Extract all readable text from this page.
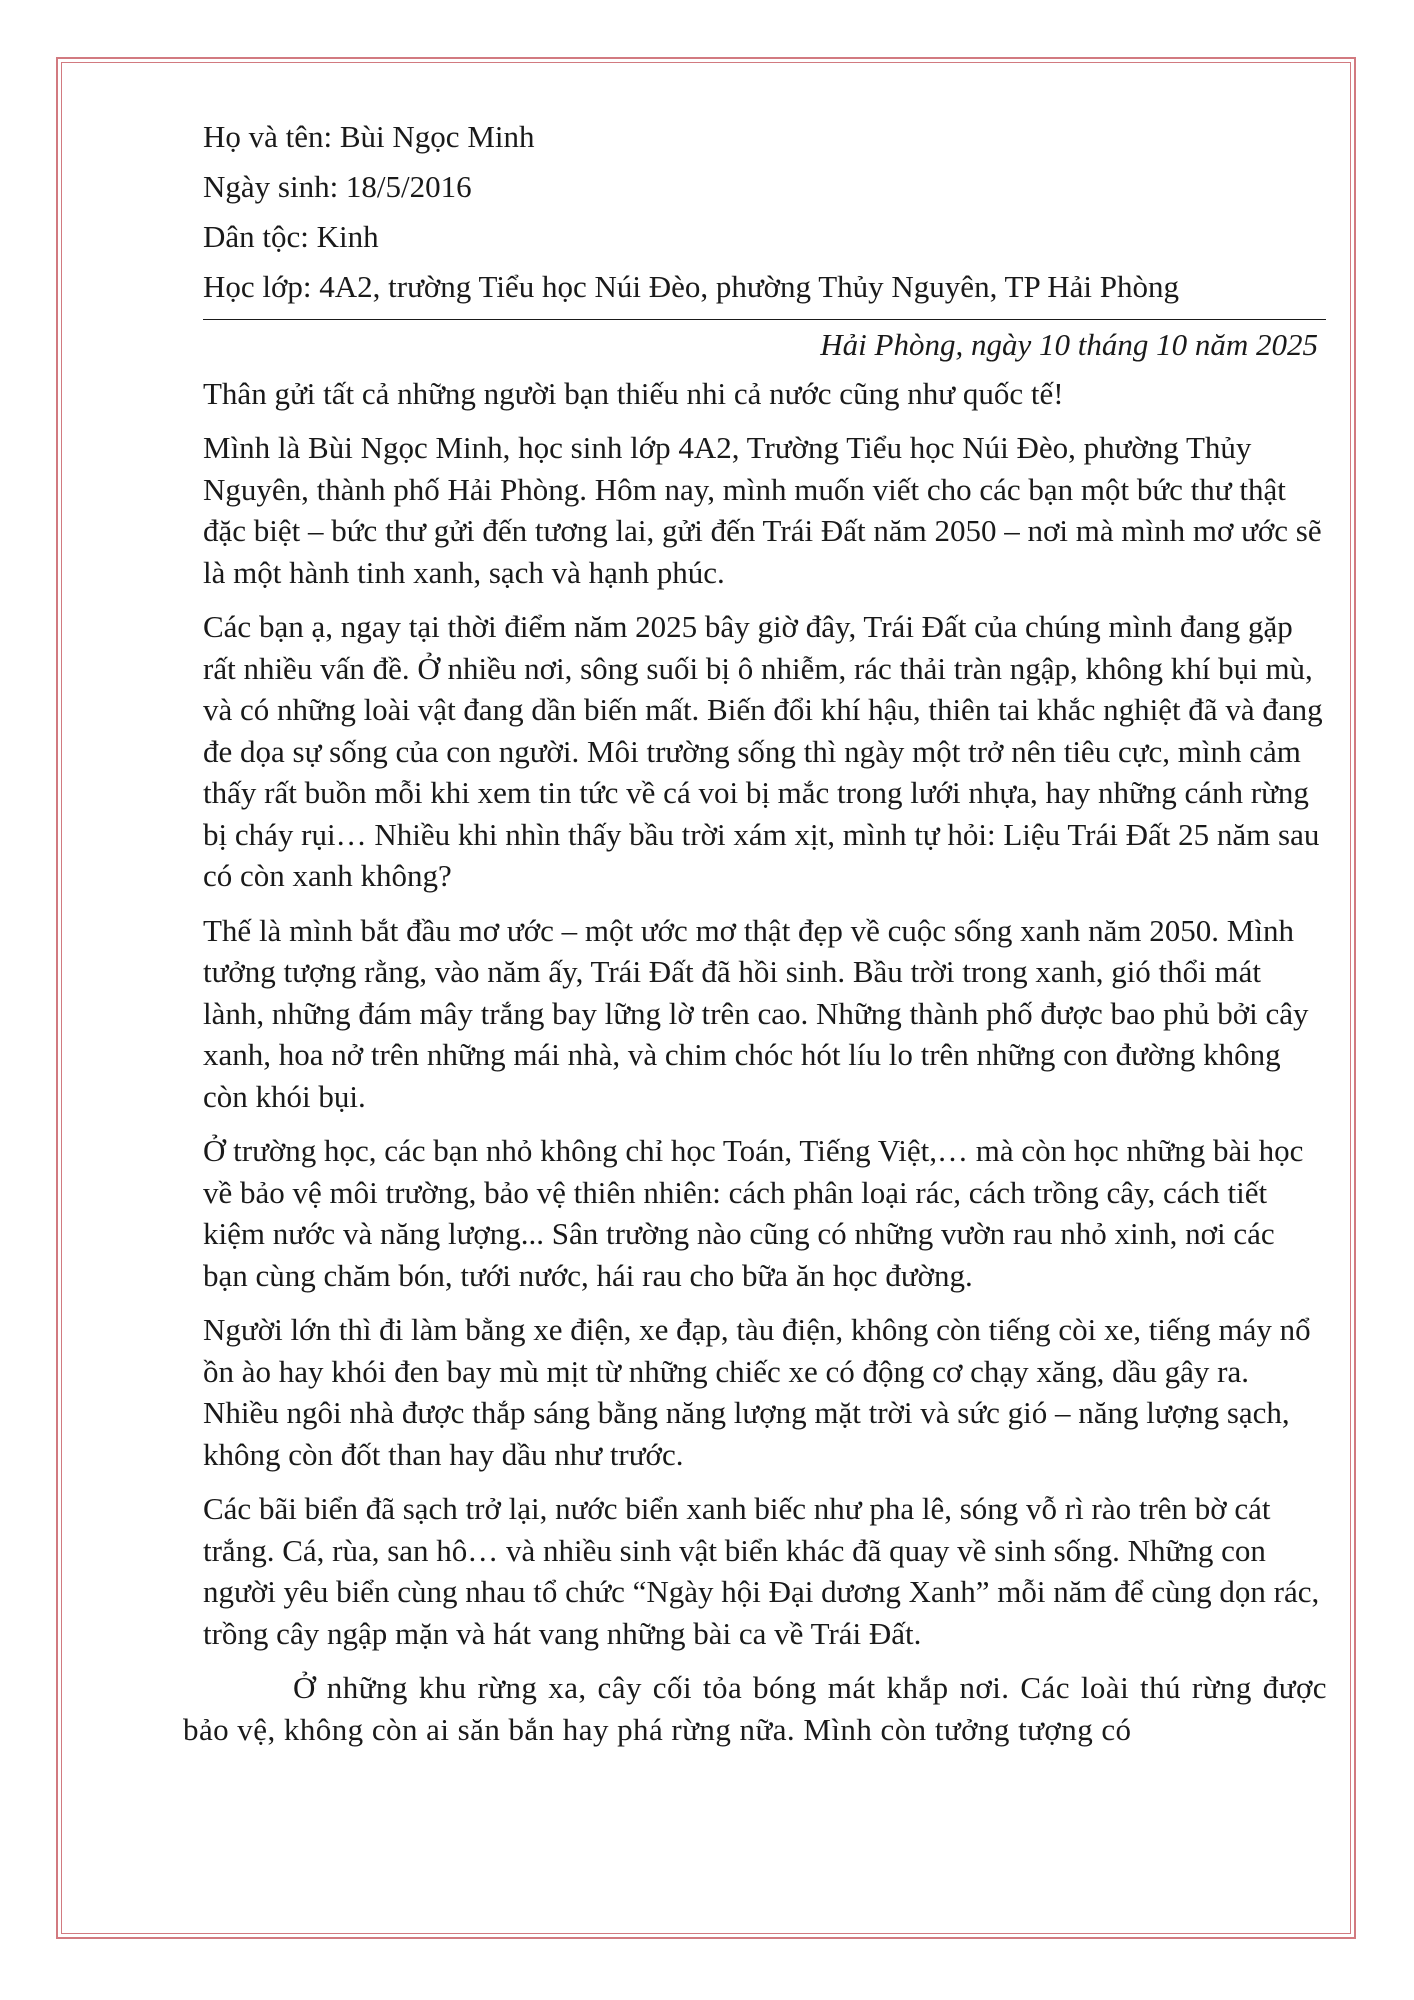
Họ và tên: Bùi Ngọc Minh

Ngày sinh: 18/5/2016

Dân tộc: Kinh

Học lớp: 4A2, trường Tiểu học Núi Đèo, phường Thủy Nguyên, TP Hải Phòng

Hải Phòng, ngày 10 tháng 10 năm 2025

Thân gửi tất cả những người bạn thiếu nhi cả nước cũng như quốc tế!

Mình là Bùi Ngọc Minh, học sinh lớp 4A2, Trường Tiểu học Núi Đèo, phường Thủy Nguyên, thành phố Hải Phòng. Hôm nay, mình muốn viết cho các bạn một bức thư thật đặc biệt – bức thư gửi đến tương lai, gửi đến Trái Đất năm 2050 – nơi mà mình mơ ước sẽ là một hành tinh xanh, sạch và hạnh phúc.

Các bạn ạ, ngay tại thời điểm năm 2025 bây giờ đây, Trái Đất của chúng mình đang gặp rất nhiều vấn đề. Ở nhiều nơi, sông suối bị ô nhiễm, rác thải tràn ngập, không khí bụi mù, và có những loài vật đang dần biến mất. Biến đổi khí hậu, thiên tai khắc nghiệt đã và đang đe dọa sự sống của con người. Môi trường sống thì ngày một trở nên tiêu cực, mình cảm thấy rất buồn mỗi khi xem tin tức về cá voi bị mắc trong lưới nhựa, hay những cánh rừng bị cháy rụi… Nhiều khi nhìn thấy bầu trời xám xịt, mình tự hỏi: Liệu Trái Đất 25 năm sau có còn xanh không?

Thế là mình bắt đầu mơ ước – một ước mơ thật đẹp về cuộc sống xanh năm 2050. Mình tưởng tượng rằng, vào năm ấy, Trái Đất đã hồi sinh. Bầu trời trong xanh, gió thổi mát lành, những đám mây trắng bay lững lờ trên cao. Những thành phố được bao phủ bởi cây xanh, hoa nở trên những mái nhà, và chim chóc hót líu lo trên những con đường không còn khói bụi.

Ở trường học, các bạn nhỏ không chỉ học Toán, Tiếng Việt,… mà còn học những bài học về bảo vệ môi trường, bảo vệ thiên nhiên: cách phân loại rác, cách trồng cây, cách tiết kiệm nước và năng lượng... Sân trường nào cũng có những vườn rau nhỏ xinh, nơi các bạn cùng chăm bón, tưới nước, hái rau cho bữa ăn học đường.

Người lớn thì đi làm bằng xe điện, xe đạp, tàu điện, không còn tiếng còi xe, tiếng máy nổ ồn ào hay khói đen bay mù mịt từ những chiếc xe có động cơ chạy xăng, dầu gây ra. Nhiều ngôi nhà được thắp sáng bằng năng lượng mặt trời và sức gió – năng lượng sạch, không còn đốt than hay dầu như trước.

Các bãi biển đã sạch trở lại, nước biển xanh biếc như pha lê, sóng vỗ rì rào trên bờ cát trắng. Cá, rùa, san hô… và nhiều sinh vật biển khác đã quay về sinh sống. Những con người yêu biển cùng nhau tổ chức “Ngày hội Đại dương Xanh” mỗi năm để cùng dọn rác, trồng cây ngập mặn và hát vang những bài ca về Trái Đất.

Ở những khu rừng xa, cây cối tỏa bóng mát khắp nơi. Các loài thú rừng được bảo vệ, không còn ai săn bắn hay phá rừng nữa. Mình còn tưởng tượng có
